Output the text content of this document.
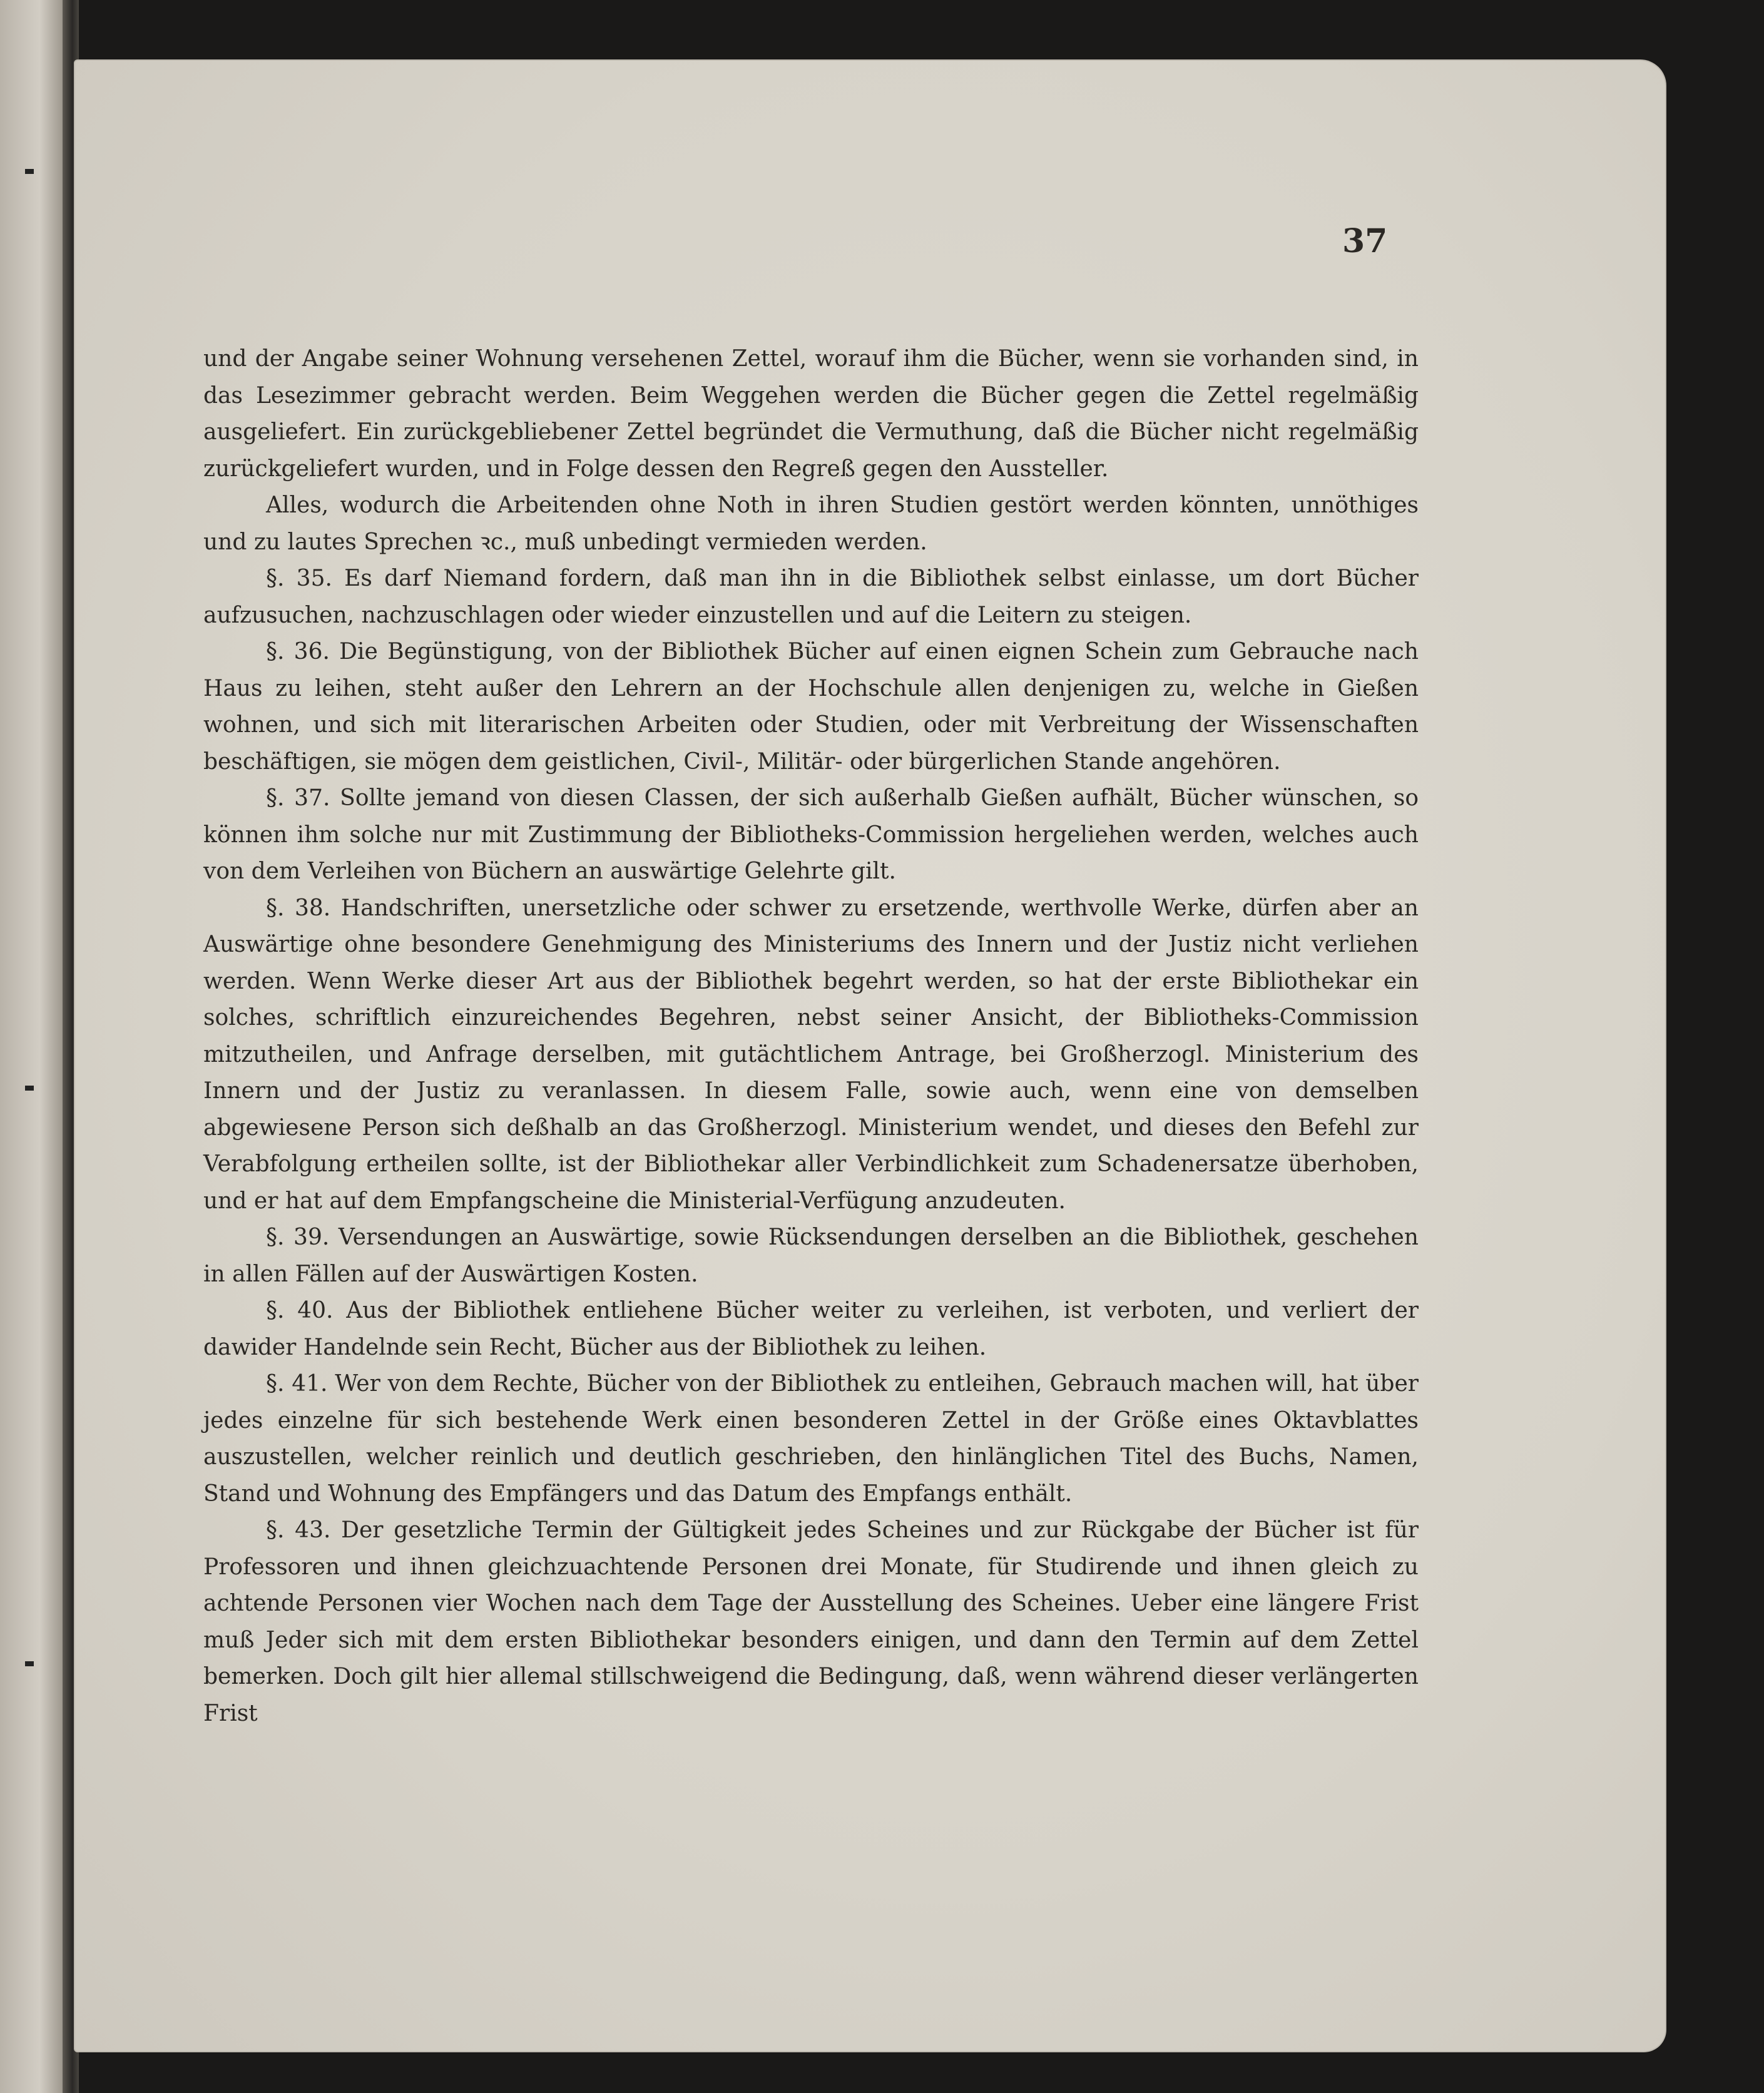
37

und der Angabe seiner Wohnung versehenen Zettel, worauf ihm die Bücher, wenn sie vorhanden sind, in das Lesezimmer gebracht werden. Beim Weggehen werden die Bücher gegen die Zettel regelmäßig ausgeliefert. Ein zurückgebliebener Zettel begründet die Vermuthung, daß die Bücher nicht regelmäßig zurückgeliefert wurden, und in Folge dessen den Regreß gegen den Aussteller.

Alles, wodurch die Arbeitenden ohne Noth in ihren Studien gestört werden könnten, unnöthiges und zu lautes Sprechen ꝛc., muß unbedingt vermieden werden.

§. 35. Es darf Niemand fordern, daß man ihn in die Bibliothek selbst einlasse, um dort Bücher aufzusuchen, nachzuschlagen oder wieder einzustellen und auf die Leitern zu steigen.

§. 36. Die Begünstigung, von der Bibliothek Bücher auf einen eignen Schein zum Gebrauche nach Haus zu leihen, steht außer den Lehrern an der Hochschule allen denjenigen zu, welche in Gießen wohnen, und sich mit literarischen Arbeiten oder Studien, oder mit Verbreitung der Wissenschaften beschäftigen, sie mögen dem geistlichen, Civil-, Militär- oder bürgerlichen Stande angehören.

§. 37. Sollte jemand von diesen Classen, der sich außerhalb Gießen aufhält, Bücher wünschen, so können ihm solche nur mit Zustimmung der Bibliotheks-Commission hergeliehen werden, welches auch von dem Verleihen von Büchern an auswärtige Gelehrte gilt.

§. 38. Handschriften, unersetzliche oder schwer zu ersetzende, werthvolle Werke, dürfen aber an Auswärtige ohne besondere Genehmigung des Ministeriums des Innern und der Justiz nicht verliehen werden. Wenn Werke dieser Art aus der Bibliothek begehrt werden, so hat der erste Bibliothekar ein solches, schriftlich einzureichendes Begehren, nebst seiner Ansicht, der Bibliotheks-Commission mitzutheilen, und Anfrage derselben, mit gutächtlichem Antrage, bei Großherzogl. Ministerium des Innern und der Justiz zu veranlassen. In diesem Falle, sowie auch, wenn eine von demselben abgewiesene Person sich deßhalb an das Großherzogl. Ministerium wendet, und dieses den Befehl zur Verabfolgung ertheilen sollte, ist der Bibliothekar aller Verbindlichkeit zum Schadenersatze überhoben, und er hat auf dem Empfangscheine die Ministerial-Verfügung anzudeuten.

§. 39. Versendungen an Auswärtige, sowie Rücksendungen derselben an die Bibliothek, geschehen in allen Fällen auf der Auswärtigen Kosten.

§. 40. Aus der Bibliothek entliehene Bücher weiter zu verleihen, ist verboten, und verliert der dawider Handelnde sein Recht, Bücher aus der Bibliothek zu leihen.

§. 41. Wer von dem Rechte, Bücher von der Bibliothek zu entleihen, Gebrauch machen will, hat über jedes einzelne für sich bestehende Werk einen besonderen Zettel in der Größe eines Oktavblattes auszustellen, welcher reinlich und deutlich geschrieben, den hinlänglichen Titel des Buchs, Namen, Stand und Wohnung des Empfängers und das Datum des Empfangs enthält.

§. 43. Der gesetzliche Termin der Gültigkeit jedes Scheines und zur Rückgabe der Bücher ist für Professoren und ihnen gleichzuachtende Personen drei Monate, für Studirende und ihnen gleich zu achtende Personen vier Wochen nach dem Tage der Ausstellung des Scheines. Ueber eine längere Frist muß Jeder sich mit dem ersten Bibliothekar besonders einigen, und dann den Termin auf dem Zettel bemerken. Doch gilt hier allemal stillschweigend die Bedingung, daß, wenn während dieser verlängerten Frist
